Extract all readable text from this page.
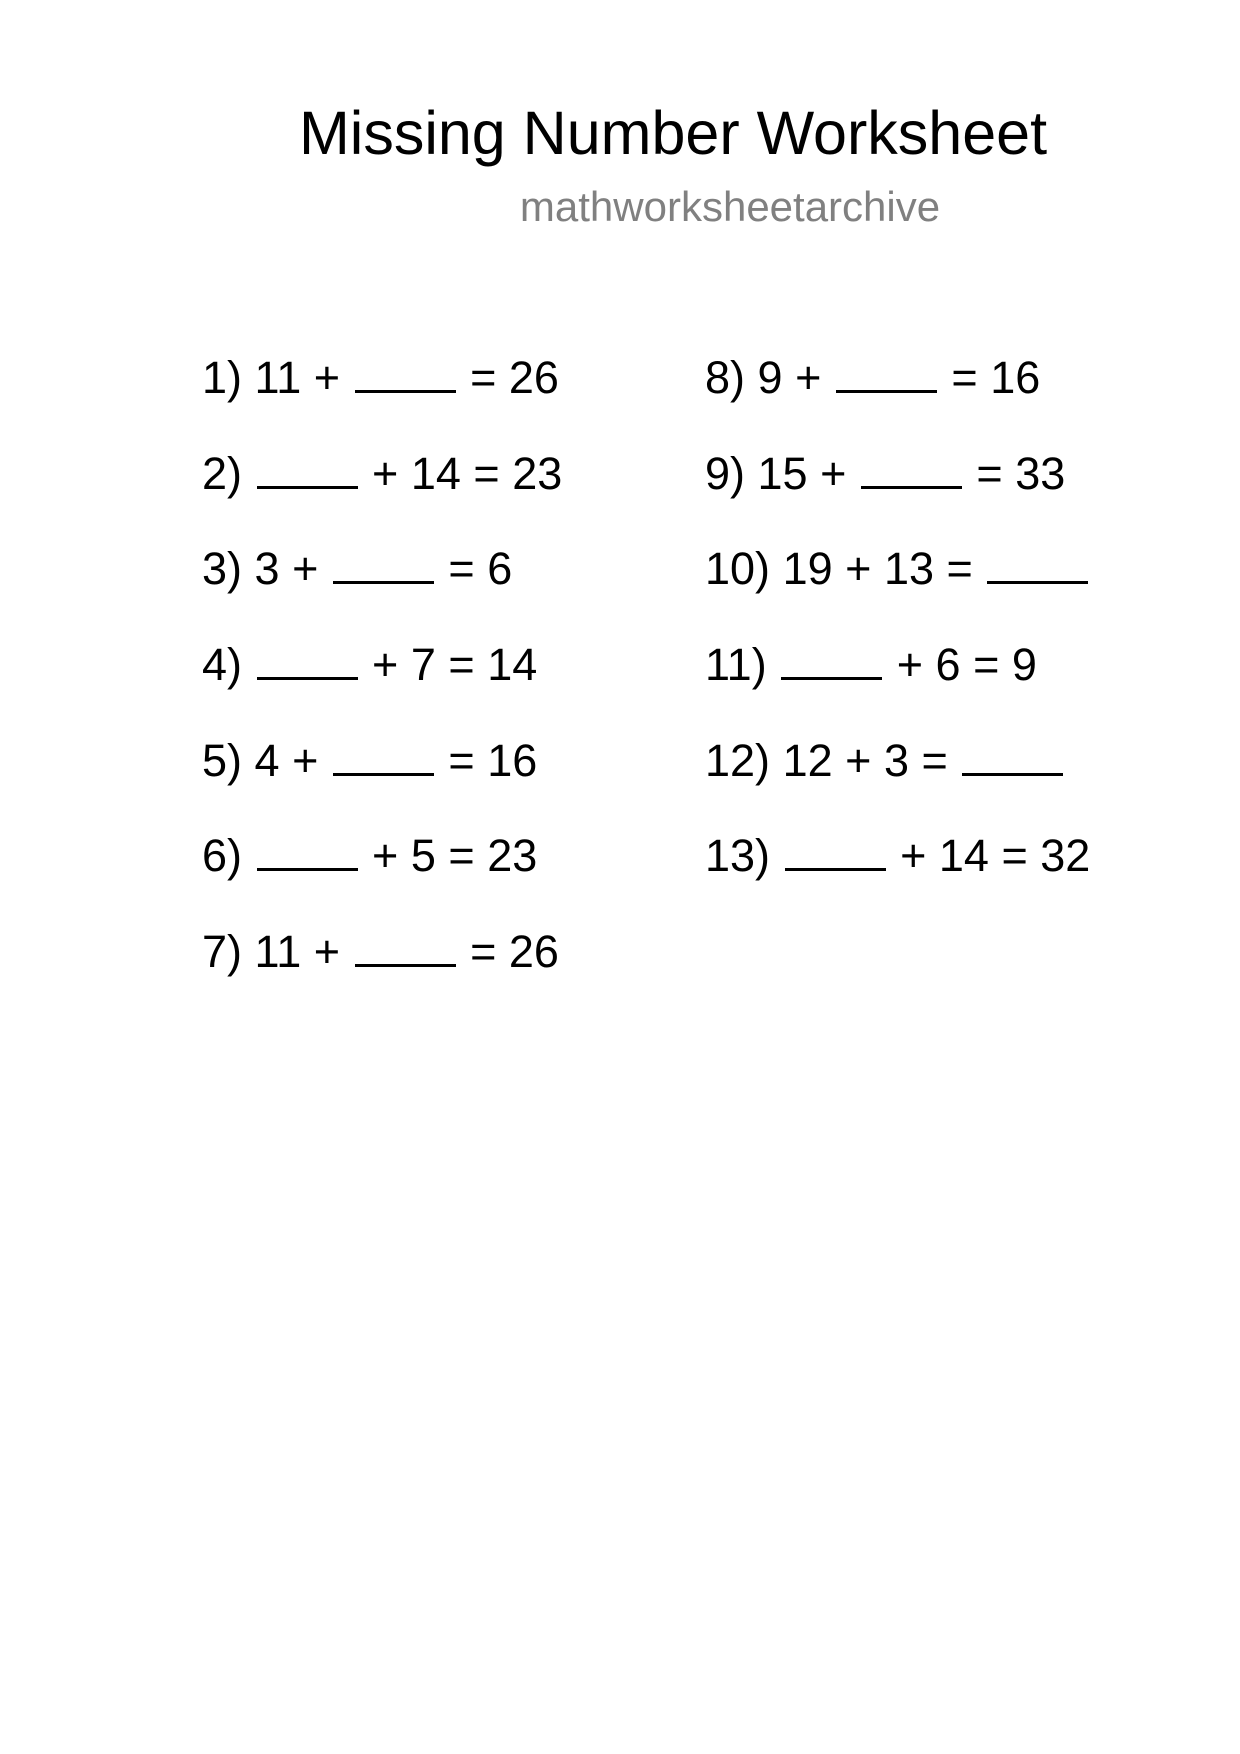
Missing Number Worksheet
mathworksheetarchive
1) 11 +	= 26
2)	+ 14 = 23
3) 3 +	= 6
4)	+ 7 = 14
5) 4 +	= 16
6)	+ 5 = 23
7) 11 +	= 26
8) 9 +	= 16
9) 15 +	= 33
10) 19 + 13 =
11)	+ 6 = 9
12) 12 + 3 =
13)	+ 14 = 32
